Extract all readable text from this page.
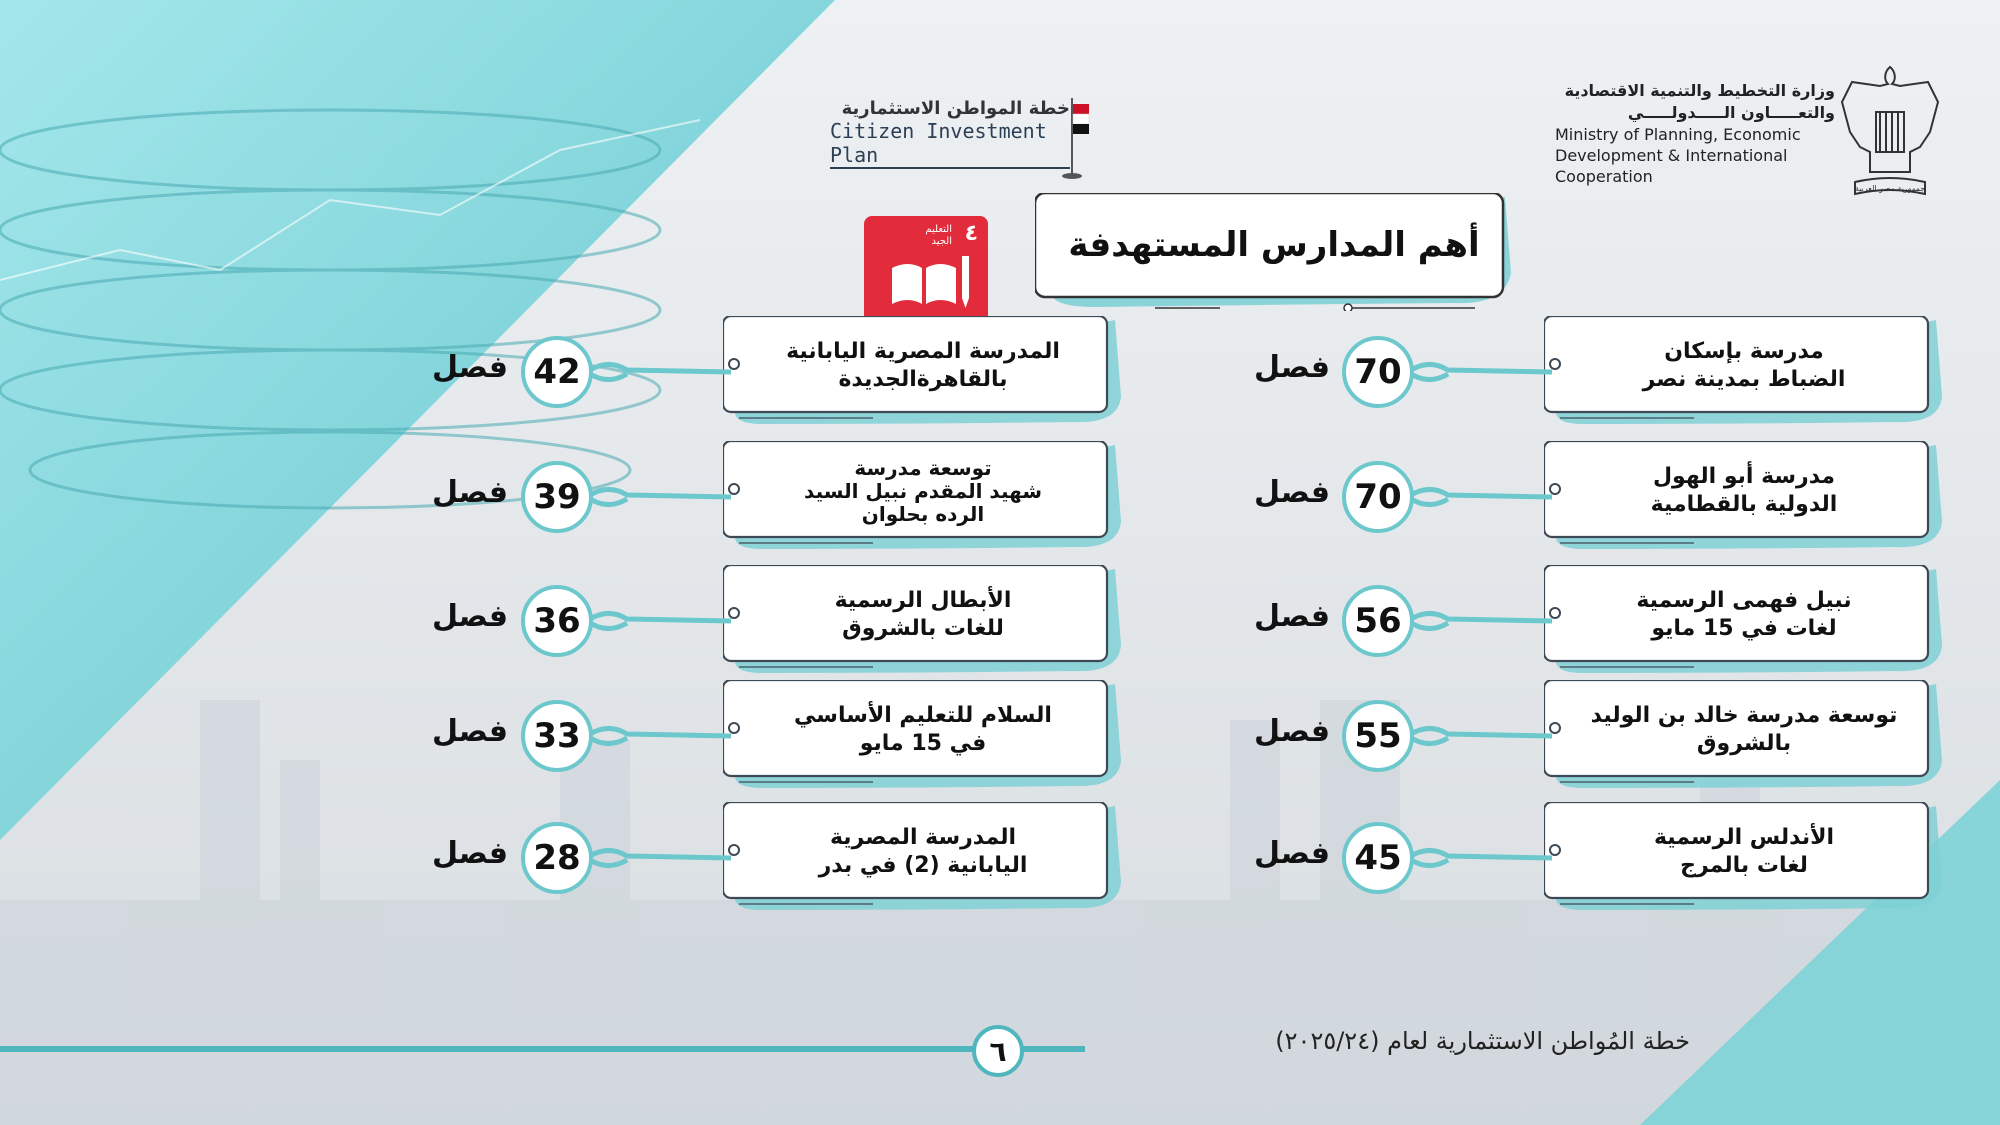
وزارة التخطيط والتنمية الاقتصادية
والتعـــــاون الـــــدولـــــي
Ministry of Planning, Economic
Development & International
Cooperation
جمهورية مصر العربية
خطة المواطن الاستثمارية
Citizen Investment Plan
٤
التعليم
الجيد	أهم المدارس المستهدفة
مدرسة بإسكان
الضباط بمدينة نصر
70
فصل
مدرسة أبو الهول
الدولية بالقطامية
70
فصل
نبيل فهمى الرسمية
لغات في 15 مايو
56
فصل
توسعة مدرسة خالد بن الوليد
بالشروق
55
فصل
الأندلس الرسمية
لغات بالمرج
45
فصل
المدرسة المصرية اليابانية
بالقاهرةالجديدة
42
فصل
توسعة مدرسة
شهيد المقدم نبيل السيد
الرده بحلوان
39
فصل
الأبطال الرسمية
للغات بالشروق
36
فصل
السلام للتعليم الأساسي
في 15 مايو
33
فصل
المدرسة المصرية
اليابانية (2) في بدر
28
فصل
خطة المُواطن الاستثمارية لعام (٢٠٢٥/٢٤)
٦
